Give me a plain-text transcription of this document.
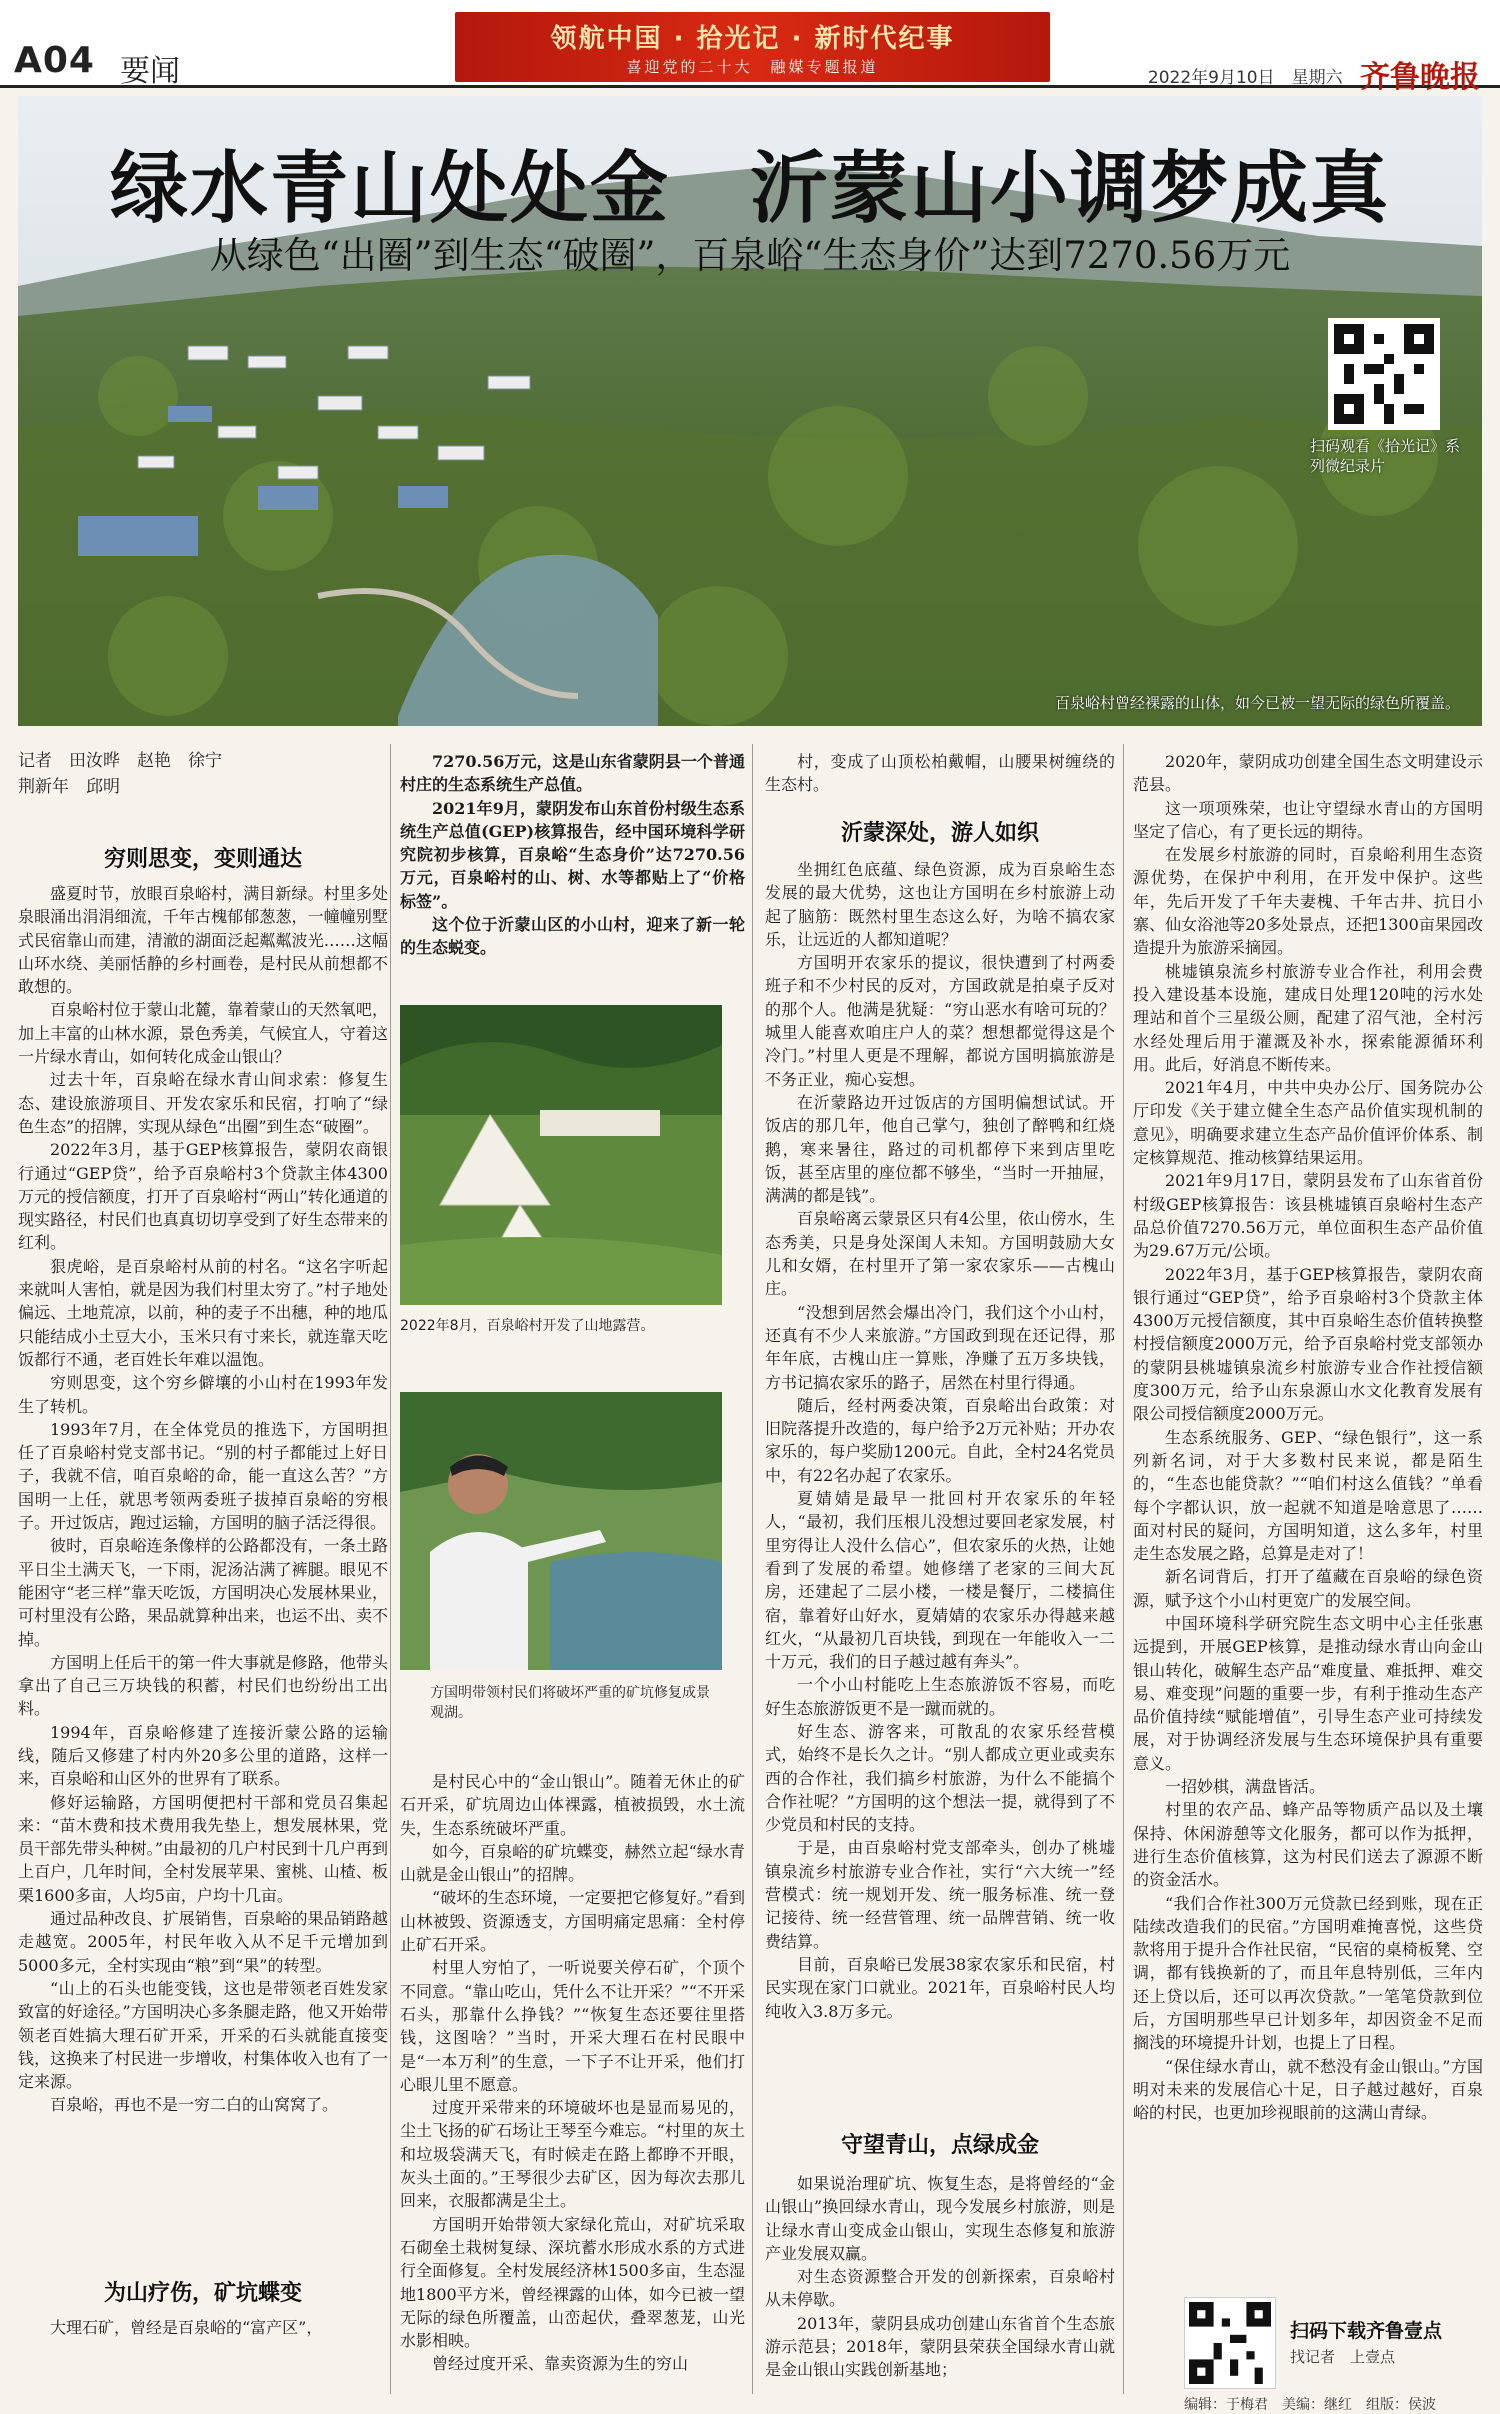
A04 要闻
领航中国 · 拾光记 · 新时代纪事
喜迎党的二十大　融媒专题报道
2022年9月10日　星期六 齐鲁晚报
绿水青山处处金　沂蒙山小调梦成真
从绿色“出圈”到生态“破圈”，百泉峪“生态身价”达到7270.56万元
扫码观看《拾光记》系列微纪录片
百泉峪村曾经裸露的山体，如今已被一望无际的绿色所覆盖。
记者　田汝晔　赵艳　徐宁
荆新年　邱明
穷则思变，变则通达

盛夏时节，放眼百泉峪村，满目新绿。村里多处泉眼涌出涓涓细流，千年古槐郁郁葱葱，一幢幢别墅式民宿靠山而建，清澈的湖面泛起粼粼波光……这幅山环水绕、美丽恬静的乡村画卷，是村民从前想都不敢想的。

百泉峪村位于蒙山北麓，靠着蒙山的天然氧吧，加上丰富的山林水源，景色秀美，气候宜人，守着这一片绿水青山，如何转化成金山银山？

过去十年，百泉峪在绿水青山间求索：修复生态、建设旅游项目、开发农家乐和民宿，打响了“绿色生态”的招牌，实现从绿色“出圈”到生态“破圈”。

2022年3月，基于GEP核算报告，蒙阴农商银行通过“GEP贷”，给予百泉峪村3个贷款主体4300万元的授信额度，打开了百泉峪村“两山”转化通道的现实路径，村民们也真真切切享受到了好生态带来的红利。

狠虎峪，是百泉峪村从前的村名。“这名字听起来就叫人害怕，就是因为我们村里太穷了。”村子地处偏远、土地荒凉，以前，种的麦子不出穗，种的地瓜只能结成小土豆大小，玉米只有寸来长，就连靠天吃饭都行不通，老百姓长年难以温饱。

穷则思变，这个穷乡僻壤的小山村在1993年发生了转机。

1993年7月，在全体党员的推选下，方国明担任了百泉峪村党支部书记。“别的村子都能过上好日子，我就不信，咱百泉峪的命，能一直这么苦？”方国明一上任，就思考领两委班子拔掉百泉峪的穷根子。开过饭店，跑过运输，方国明的脑子活泛得很。

彼时，百泉峪连条像样的公路都没有，一条土路平日尘土满天飞，一下雨，泥汤沾满了裤腿。眼见不能困守“老三样”靠天吃饭，方国明决心发展林果业，可村里没有公路，果品就算种出来，也运不出、卖不掉。

方国明上任后干的第一件大事就是修路，他带头拿出了自己三万块钱的积蓄，村民们也纷纷出工出料。

1994年，百泉峪修建了连接沂蒙公路的运输线，随后又修建了村内外20多公里的道路，这样一来，百泉峪和山区外的世界有了联系。

修好运输路，方国明便把村干部和党员召集起来：“苗木费和技术费用我先垫上，想发展林果，党员干部先带头种树。”由最初的几户村民到十几户再到上百户，几年时间，全村发展苹果、蜜桃、山楂、板栗1600多亩，人均5亩，户均十几亩。

通过品种改良、扩展销售，百泉峪的果品销路越走越宽。2005年，村民年收入从不足千元增加到5000多元，全村实现由“粮”到“果”的转型。

“山上的石头也能变钱，这也是带领老百姓发家致富的好途径。”方国明决心多条腿走路，他又开始带领老百姓搞大理石矿开采，开采的石头就能直接变钱，这换来了村民进一步增收，村集体收入也有了一定来源。

百泉峪，再也不是一穷二白的山窝窝了。

为山疗伤，矿坑蝶变

大理石矿，曾经是百泉峪的“富产区”，

7270.56万元，这是山东省蒙阴县一个普通村庄的生态系统生产总值。

2021年9月，蒙阴发布山东首份村级生态系统生产总值(GEP)核算报告，经中国环境科学研究院初步核算，百泉峪“生态身价”达7270.56万元，百泉峪村的山、树、水等都贴上了“价格标签”。

这个位于沂蒙山区的小山村，迎来了新一轮的生态蜕变。

2022年8月，百泉峪村开发了山地露营。
方国明带领村民们将破坏严重的矿坑修复成景观湖。

是村民心中的“金山银山”。随着无休止的矿石开采，矿坑周边山体裸露，植被损毁，水土流失，生态系统破坏严重。

如今，百泉峪的矿坑蝶变，赫然立起“绿水青山就是金山银山”的招牌。

“破坏的生态环境，一定要把它修复好。”看到山林被毁、资源透支，方国明痛定思痛：全村停止矿石开采。

村里人穷怕了，一听说要关停石矿，个顶个不同意。“靠山吃山，凭什么不让开采？”“不开采石头，那靠什么挣钱？”“恢复生态还要往里搭钱，这图啥？”当时，开采大理石在村民眼中是“一本万利”的生意，一下子不让开采，他们打心眼儿里不愿意。

过度开采带来的环境破坏也是显而易见的，尘土飞扬的矿石场让王琴至今难忘。“村里的灰土和垃圾袋满天飞，有时候走在路上都睁不开眼，灰头土面的。”王琴很少去矿区，因为每次去那儿回来，衣服都满是尘土。

方国明开始带领大家绿化荒山，对矿坑采取石砌垒土栽树复绿、深坑蓄水形成水系的方式进行全面修复。全村发展经济林1500多亩，生态湿地1800平方米，曾经裸露的山体，如今已被一望无际的绿色所覆盖，山峦起伏，叠翠葱茏，山光水影相映。

曾经过度开采、靠卖资源为生的穷山

村，变成了山顶松柏戴帽，山腰果树缠绕的生态村。

沂蒙深处，游人如织

坐拥红色底蕴、绿色资源，成为百泉峪生态发展的最大优势，这也让方国明在乡村旅游上动起了脑筋：既然村里生态这么好，为啥不搞农家乐，让远近的人都知道呢？

方国明开农家乐的提议，很快遭到了村两委班子和不少村民的反对，方国政就是拍桌子反对的那个人。他满是犹疑：“穷山恶水有啥可玩的？城里人能喜欢咱庄户人的菜？想想都觉得这是个冷门。”村里人更是不理解，都说方国明搞旅游是不务正业，痴心妄想。

在沂蒙路边开过饭店的方国明偏想试试。开饭店的那几年，他自己掌勺，独创了醉鸭和红烧鹅，寒来暑往，路过的司机都停下来到店里吃饭，甚至店里的座位都不够坐，“当时一开抽屉，满满的都是钱”。

百泉峪离云蒙景区只有4公里，依山傍水，生态秀美，只是身处深闺人未知。方国明鼓励大女儿和女婿，在村里开了第一家农家乐——古槐山庄。

“没想到居然会爆出冷门，我们这个小山村，还真有不少人来旅游。”方国政到现在还记得，那年年底，古槐山庄一算账，净赚了五万多块钱，方书记搞农家乐的路子，居然在村里行得通。

随后，经村两委决策，百泉峪出台政策：对旧院落提升改造的，每户给予2万元补贴；开办农家乐的，每户奖励1200元。自此，全村24名党员中，有22名办起了农家乐。

夏婧婧是最早一批回村开农家乐的年轻人，“最初，我们压根儿没想过要回老家发展，村里穷得让人没什么信心”，但农家乐的火热，让她看到了发展的希望。她修缮了老家的三间大瓦房，还建起了二层小楼，一楼是餐厅，二楼搞住宿，靠着好山好水，夏婧婧的农家乐办得越来越红火，“从最初几百块钱，到现在一年能收入一二十万元，我们的日子越过越有奔头”。

一个小山村能吃上生态旅游饭不容易，而吃好生态旅游饭更不是一蹴而就的。

好生态、游客来，可散乱的农家乐经营模式，始终不是长久之计。“别人都成立更业或卖东西的合作社，我们搞乡村旅游，为什么不能搞个合作社呢？”方国明的这个想法一提，就得到了不少党员和村民的支持。

于是，由百泉峪村党支部牵头，创办了桃墟镇泉流乡村旅游专业合作社，实行“六大统一”经营模式：统一规划开发、统一服务标准、统一登记接待、统一经营管理、统一品牌营销、统一收费结算。

目前，百泉峪已发展38家农家乐和民宿，村民实现在家门口就业。2021年，百泉峪村民人均纯收入3.8万多元。

守望青山，点绿成金

如果说治理矿坑、恢复生态，是将曾经的“金山银山”换回绿水青山，现今发展乡村旅游，则是让绿水青山变成金山银山，实现生态修复和旅游产业发展双赢。

对生态资源整合开发的创新探索，百泉峪村从未停歇。

2013年，蒙阴县成功创建山东省首个生态旅游示范县；2018年，蒙阴县荣获全国绿水青山就是金山银山实践创新基地；

2020年，蒙阴成功创建全国生态文明建设示范县。

这一项项殊荣，也让守望绿水青山的方国明坚定了信心，有了更长远的期待。

在发展乡村旅游的同时，百泉峪利用生态资源优势，在保护中利用，在开发中保护。这些年，先后开发了千年夫妻槐、千年古井、抗日小寨、仙女浴池等20多处景点，还把1300亩果园改造提升为旅游采摘园。

桃墟镇泉流乡村旅游专业合作社，利用会费投入建设基本设施，建成日处理120吨的污水处理站和首个三星级公厕，配建了沼气池，全村污水经处理后用于灌溉及补水，探索能源循环利用。此后，好消息不断传来。

2021年4月，中共中央办公厅、国务院办公厅印发《关于建立健全生态产品价值实现机制的意见》，明确要求建立生态产品价值评价体系、制定核算规范、推动核算结果运用。

2021年9月17日，蒙阴县发布了山东省首份村级GEP核算报告：该县桃墟镇百泉峪村生态产品总价值7270.56万元，单位面积生态产品价值为29.67万元/公顷。

2022年3月，基于GEP核算报告，蒙阴农商银行通过“GEP贷”，给予百泉峪村3个贷款主体4300万元授信额度，其中百泉峪生态价值转换整村授信额度2000万元，给予百泉峪村党支部领办的蒙阴县桃墟镇泉流乡村旅游专业合作社授信额度300万元，给予山东泉源山水文化教育发展有限公司授信额度2000万元。

生态系统服务、GEP、“绿色银行”，这一系列新名词，对于大多数村民来说，都是陌生的，“生态也能贷款？”“咱们村这么值钱？”单看每个字都认识，放一起就不知道是啥意思了……面对村民的疑问，方国明知道，这么多年，村里走生态发展之路，总算是走对了！

新名词背后，打开了蕴藏在百泉峪的绿色资源，赋予这个小山村更宽广的发展空间。

中国环境科学研究院生态文明中心主任张惠远提到，开展GEP核算，是推动绿水青山向金山银山转化，破解生态产品“难度量、难抵押、难交易、难变现”问题的重要一步，有利于推动生态产品价值持续“赋能增值”，引导生态产业可持续发展，对于协调经济发展与生态环境保护具有重要意义。

一招妙棋，满盘皆活。

村里的农产品、蜂产品等物质产品以及土壤保持、休闲游憩等文化服务，都可以作为抵押，进行生态价值核算，这为村民们送去了源源不断的资金活水。

“我们合作社300万元贷款已经到账，现在正陆续改造我们的民宿。”方国明难掩喜悦，这些贷款将用于提升合作社民宿，“民宿的桌椅板凳、空调，都有钱换新的了，而且年息特别低，三年内还上贷以后，还可以再次贷款。”一笔笔贷款到位后，方国明那些早已计划多年，却因资金不足而搁浅的环境提升计划，也提上了日程。

“保住绿水青山，就不愁没有金山银山。”方国明对未来的发展信心十足，日子越过越好，百泉峪的村民，也更加珍视眼前的这满山青绿。

扫码下载齐鲁壹点
找记者　上壹点
编辑：于梅君　美编：继红　组版：侯波
